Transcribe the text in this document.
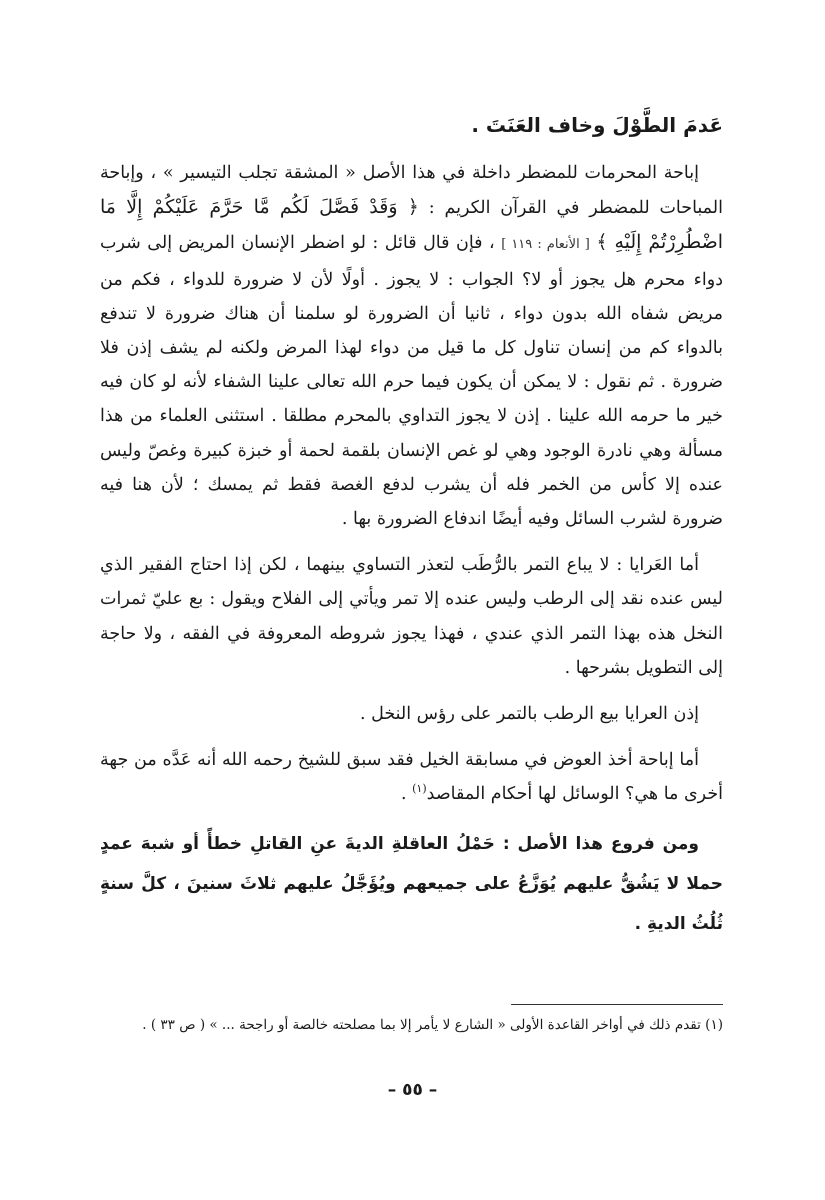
عَدمَ الطَّوْلَ وخاف العَنَتَ .

إباحة المحرمات للمضطر داخلة في هذا الأصل « المشقة تجلب التيسير » ، وإباحة المباحات للمضطر في القرآن الكريم : ﴿ وَقَدْ فَصَّلَ لَكُم مَّا حَرَّمَ عَلَيْكُمْ إِلَّا مَا اضْطُرِرْتُمْ إِلَيْهِ ﴾ [ الأنعام : ١١٩ ] ، فإن قال قائل : لو اضطر الإنسان المريض إلى شرب دواء محرم هل يجوز أو لا؟ الجواب : لا يجوز . أولًا لأن لا ضرورة للدواء ، فكم من مريض شفاه الله بدون دواء ، ثانيا أن الضرورة لو سلمنا أن هناك ضرورة لا تندفع بالدواء كم من إنسان تناول كل ما قيل من دواء لهذا المرض ولكنه لم يشف إذن فلا ضرورة . ثم نقول : لا يمكن أن يكون فيما حرم الله تعالى علينا الشفاء لأنه لو كان فيه خير ما حرمه الله علينا . إذن لا يجوز التداوي بالمحرم مطلقا . استثنى العلماء من هذا مسألة وهي نادرة الوجود وهي لو غص الإنسان بلقمة لحمة أو خبزة كبيرة وغصّ وليس عنده إلا كأس من الخمر فله أن يشرب لدفع الغصة فقط ثم يمسك ؛ لأن هنا فيه ضرورة لشرب السائل وفيه أيضًا اندفاع الضرورة بها .

أما العَرايا : لا يباع التمر بالرُّطَب لتعذر التساوي بينهما ، لكن إذا احتاج الفقير الذي ليس عنده نقد إلى الرطب وليس عنده إلا تمر ويأتي إلى الفلاح ويقول : بع عليّ ثمرات النخل هذه بهذا التمر الذي عندي ، فهذا يجوز شروطه المعروفة في الفقه ، ولا حاجة إلى التطويل بشرحها .

إذن العرايا بيع الرطب بالتمر على رؤس النخل .

أما إباحة أخذ العوض في مسابقة الخيل فقد سبق للشيخ رحمه الله أنه عَدَّه من جهة أخرى ما هي؟ الوسائل لها أحكام المقاصد$^{(١)}$ .

ومن فروع هذا الأصل : حَمْلُ العاقلةِ الديةَ عنِ القاتلِ خطأً أو شبهَ عمدٍ حملا لا يَشُقُّ عليهم يُوَزَّعُ على جميعهم ويُؤَجَّلُ عليهم ثلاثَ سنينَ ، كلَّ سنةٍ ثُلُثُ الديةِ .

(١) تقدم ذلك في أواخر القاعدة الأولى « الشارع لا يأمر إلا بما مصلحته خالصة أو راجحة ... » ( ص ٣٣ ) .
– ٥٥ –
